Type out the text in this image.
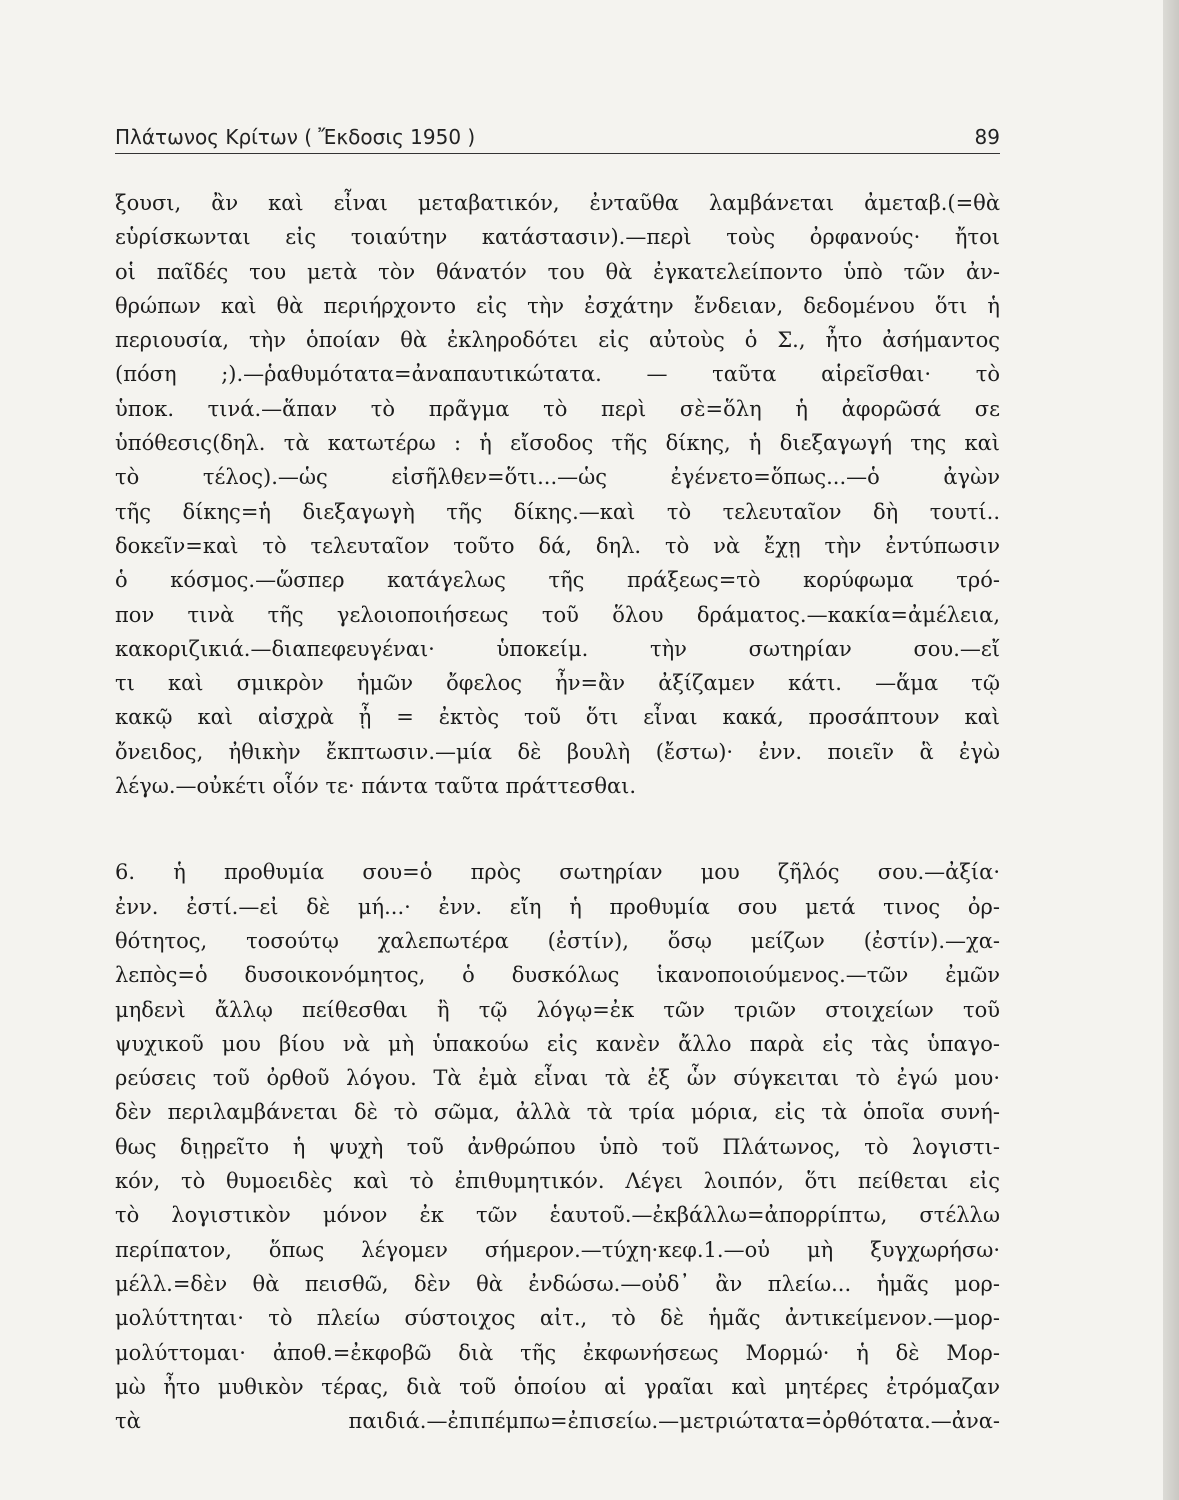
Πλάτωνος Κρίτων ( Ἔκδοσις 1950 )	89
ξουσι, ἂν καὶ εἶναι μεταβατικόν, ἐνταῦθα λαμβάνεται ἀμεταβ.(=θὰ
εὑρίσκωνται εἰς τοιαύτην κατάστασιν).—περὶ τοὺς ὀρφανούς· ἤτοι
οἱ παῖδές του μετὰ τὸν θάνατόν του θὰ ἐγκατελείποντο ὑπὸ τῶν ἀν-
θρώπων καὶ θὰ περιήρχοντο εἰς τὴν ἐσχάτην ἔνδειαν, δεδομένου ὅτι ἡ
περιουσία, τὴν ὁποίαν θὰ ἐκληροδότει εἰς αὐτοὺς ὁ Σ., ἦτο ἀσήμαντος
(πόση ;).—ῥαθυμότατα=ἀναπαυτικώτατα. — ταῦτα αἱρεῖσθαι· τὸ
ὑποκ. τινά.—ἅπαν τὸ πρᾶγμα τὸ περὶ σὲ=ὅλη ἡ ἀφορῶσά σε
ὑπόθεσις(δηλ. τὰ κατωτέρω : ἡ εἴσοδος τῆς δίκης, ἡ διεξαγωγή της καὶ
τὸ τέλος).—ὡς εἰσῆλθεν=ὅτι...—ὡς ἐγένετο=ὅπως...—ὁ ἀγὼν
τῆς δίκης=ἡ διεξαγωγὴ τῆς δίκης.—καὶ τὸ τελευταῖον δὴ τουτί..
δοκεῖν=καὶ τὸ τελευταῖον τοῦτο δά, δηλ. τὸ νὰ ἔχῃ τὴν ἐντύπωσιν
ὁ κόσμος.—ὥσπερ κατάγελως τῆς πράξεως=τὸ κορύφωμα τρό-
πον τινὰ τῆς γελοιοποιήσεως τοῦ ὅλου δράματος.—κακία=ἀμέλεια,
κακοριζικιά.—διαπεφευγέναι· ὑποκείμ. τὴν σωτηρίαν σου.—εἴ
τι καὶ σμικρὸν ἡμῶν ὄφελος ἦν=ἂν ἀξίζαμεν κάτι. —ἅμα τῷ
κακῷ καὶ αἰσχρὰ ᾖ = ἐκτὸς τοῦ ὅτι εἶναι κακά, προσάπτουν καὶ
ὄνειδος, ἠθικὴν ἔκπτωσιν.—μία δὲ βουλὴ (ἔστω)· ἐνν. ποιεῖν ἃ ἐγὼ
λέγω.—οὐκέτι οἷόν τε· πάντα ταῦτα πράττεσθαι.
6. ἡ προθυμία σου=ὁ πρὸς σωτηρίαν μου ζῆλός σου.—ἀξία·
ἐνν. ἐστί.—εἰ δὲ μή...· ἐνν. εἴη ἡ προθυμία σου μετά τινος ὀρ-
θότητος, τοσούτῳ χαλεπωτέρα (ἐστίν), ὅσῳ μείζων (ἐστίν).—χα-
λεπὸς=ὁ δυσοικονόμητος, ὁ δυσκόλως ἱκανοποιούμενος.—τῶν ἐμῶν
μηδενὶ ἄλλῳ πείθεσθαι ἢ τῷ λόγῳ=ἐκ τῶν τριῶν στοιχείων τοῦ
ψυχικοῦ μου βίου νὰ μὴ ὑπακούω εἰς κανὲν ἄλλο παρὰ εἰς τὰς ὑπαγο-
ρεύσεις τοῦ ὀρθοῦ λόγου. Τὰ ἐμὰ εἶναι τὰ ἐξ ὧν σύγκειται τὸ ἐγώ μου·
δὲν περιλαμβάνεται δὲ τὸ σῶμα, ἀλλὰ τὰ τρία μόρια, εἰς τὰ ὁποῖα συνή-
θως διῃρεῖτο ἡ ψυχὴ τοῦ ἀνθρώπου ὑπὸ τοῦ Πλάτωνος, τὸ λογιστι-
κόν, τὸ θυμοειδὲς καὶ τὸ ἐπιθυμητικόν. Λέγει λοιπόν, ὅτι πείθεται εἰς
τὸ λογιστικὸν μόνον ἐκ τῶν ἑαυτοῦ.—ἐκβάλλω=ἀπορρίπτω, στέλλω
περίπατον, ὅπως λέγομεν σήμερον.—τύχη·κεφ.1.—οὐ μὴ ξυγχωρήσω·
μέλλ.=δὲν θὰ πεισθῶ, δὲν θὰ ἐνδώσω.—οὐδ᾽ ἂν πλείω... ἡμᾶς μορ-
μολύττηται· τὸ πλείω σύστοιχος αἰτ., τὸ δὲ ἡμᾶς ἀντικείμενον.—μορ-
μολύττομαι· ἀποθ.=ἐκφοβῶ διὰ τῆς ἐκφωνήσεως Μορμώ· ἡ δὲ Μορ-
μὼ ἦτο μυθικὸν τέρας, διὰ τοῦ ὁποίου αἱ γραῖαι καὶ μητέρες ἐτρόμαζαν
τὰ παιδιά.—ἐπιπέμπω=ἐπισείω.—μετριώτατα=ὀρθότατα.—ἀνα-
